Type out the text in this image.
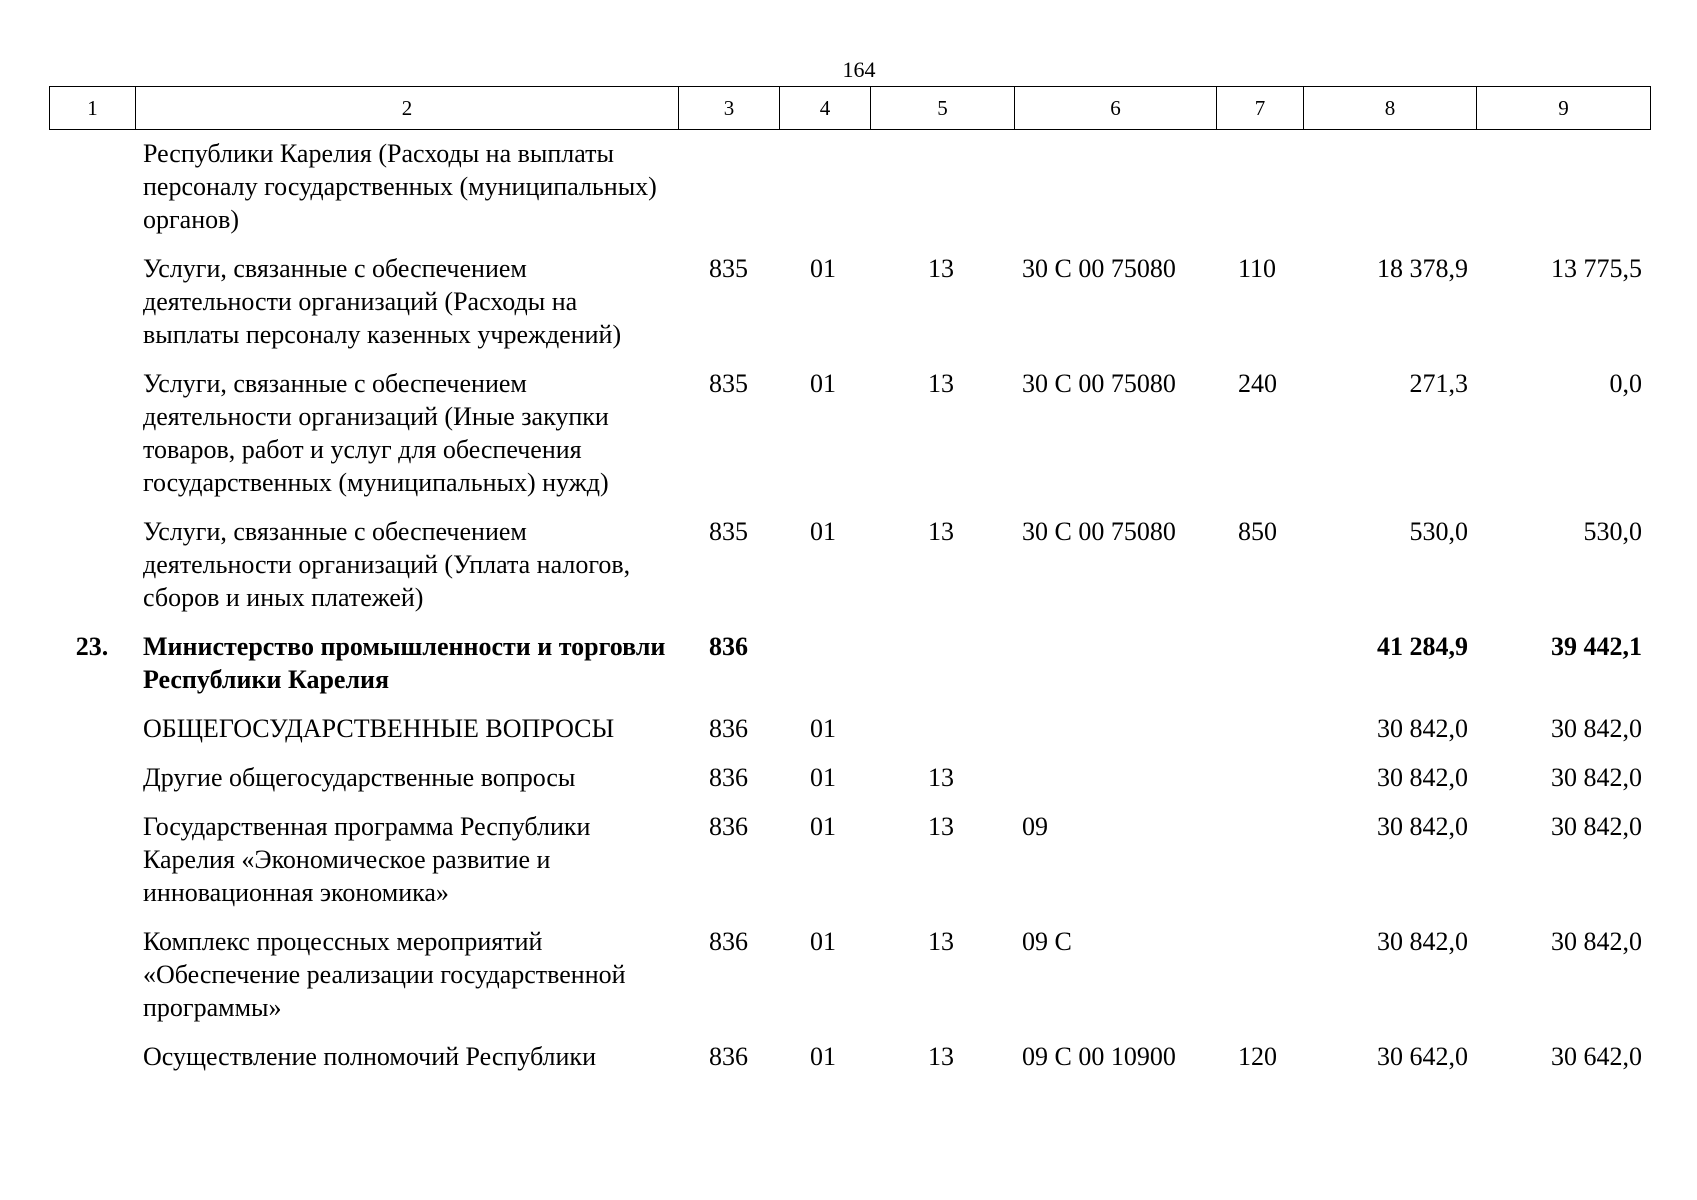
164
1	2	3	4	5	6	7	8	9
	Республики Карелия (Расходы на выплаты персоналу государственных (муниципальных) органов)							
	Услуги, связанные с обеспечением деятельности организаций (Расходы на выплаты персоналу казенных учреждений)	835	01	13	30 С 00 75080	110	18 378,9	13 775,5
	Услуги, связанные с обеспечением деятельности организаций (Иные закупки товаров, работ и услуг для обеспечения государственных (муниципальных) нужд)	835	01	13	30 С 00 75080	240	271,3	0,0
	Услуги, связанные с обеспечением деятельности организаций (Уплата налогов, сборов и иных платежей)	835	01	13	30 С 00 75080	850	530,0	530,0
23.	Министерство промышленности и торговли Республики Карелия	836					41 284,9	39 442,1
	ОБЩЕГОСУДАРСТВЕННЫЕ ВОПРОСЫ	836	01				30 842,0	30 842,0
	Другие общегосударственные вопросы	836	01	13			30 842,0	30 842,0
	Государственная программа Республики Карелия «Экономическое развитие и инновационная экономика»	836	01	13	09		30 842,0	30 842,0
	Комплекс процессных мероприятий «Обеспечение реализации государственной программы»	836	01	13	09 С		30 842,0	30 842,0
	Осуществление полномочий Республики	836	01	13	09 С 00 10900	120	30 642,0	30 642,0
